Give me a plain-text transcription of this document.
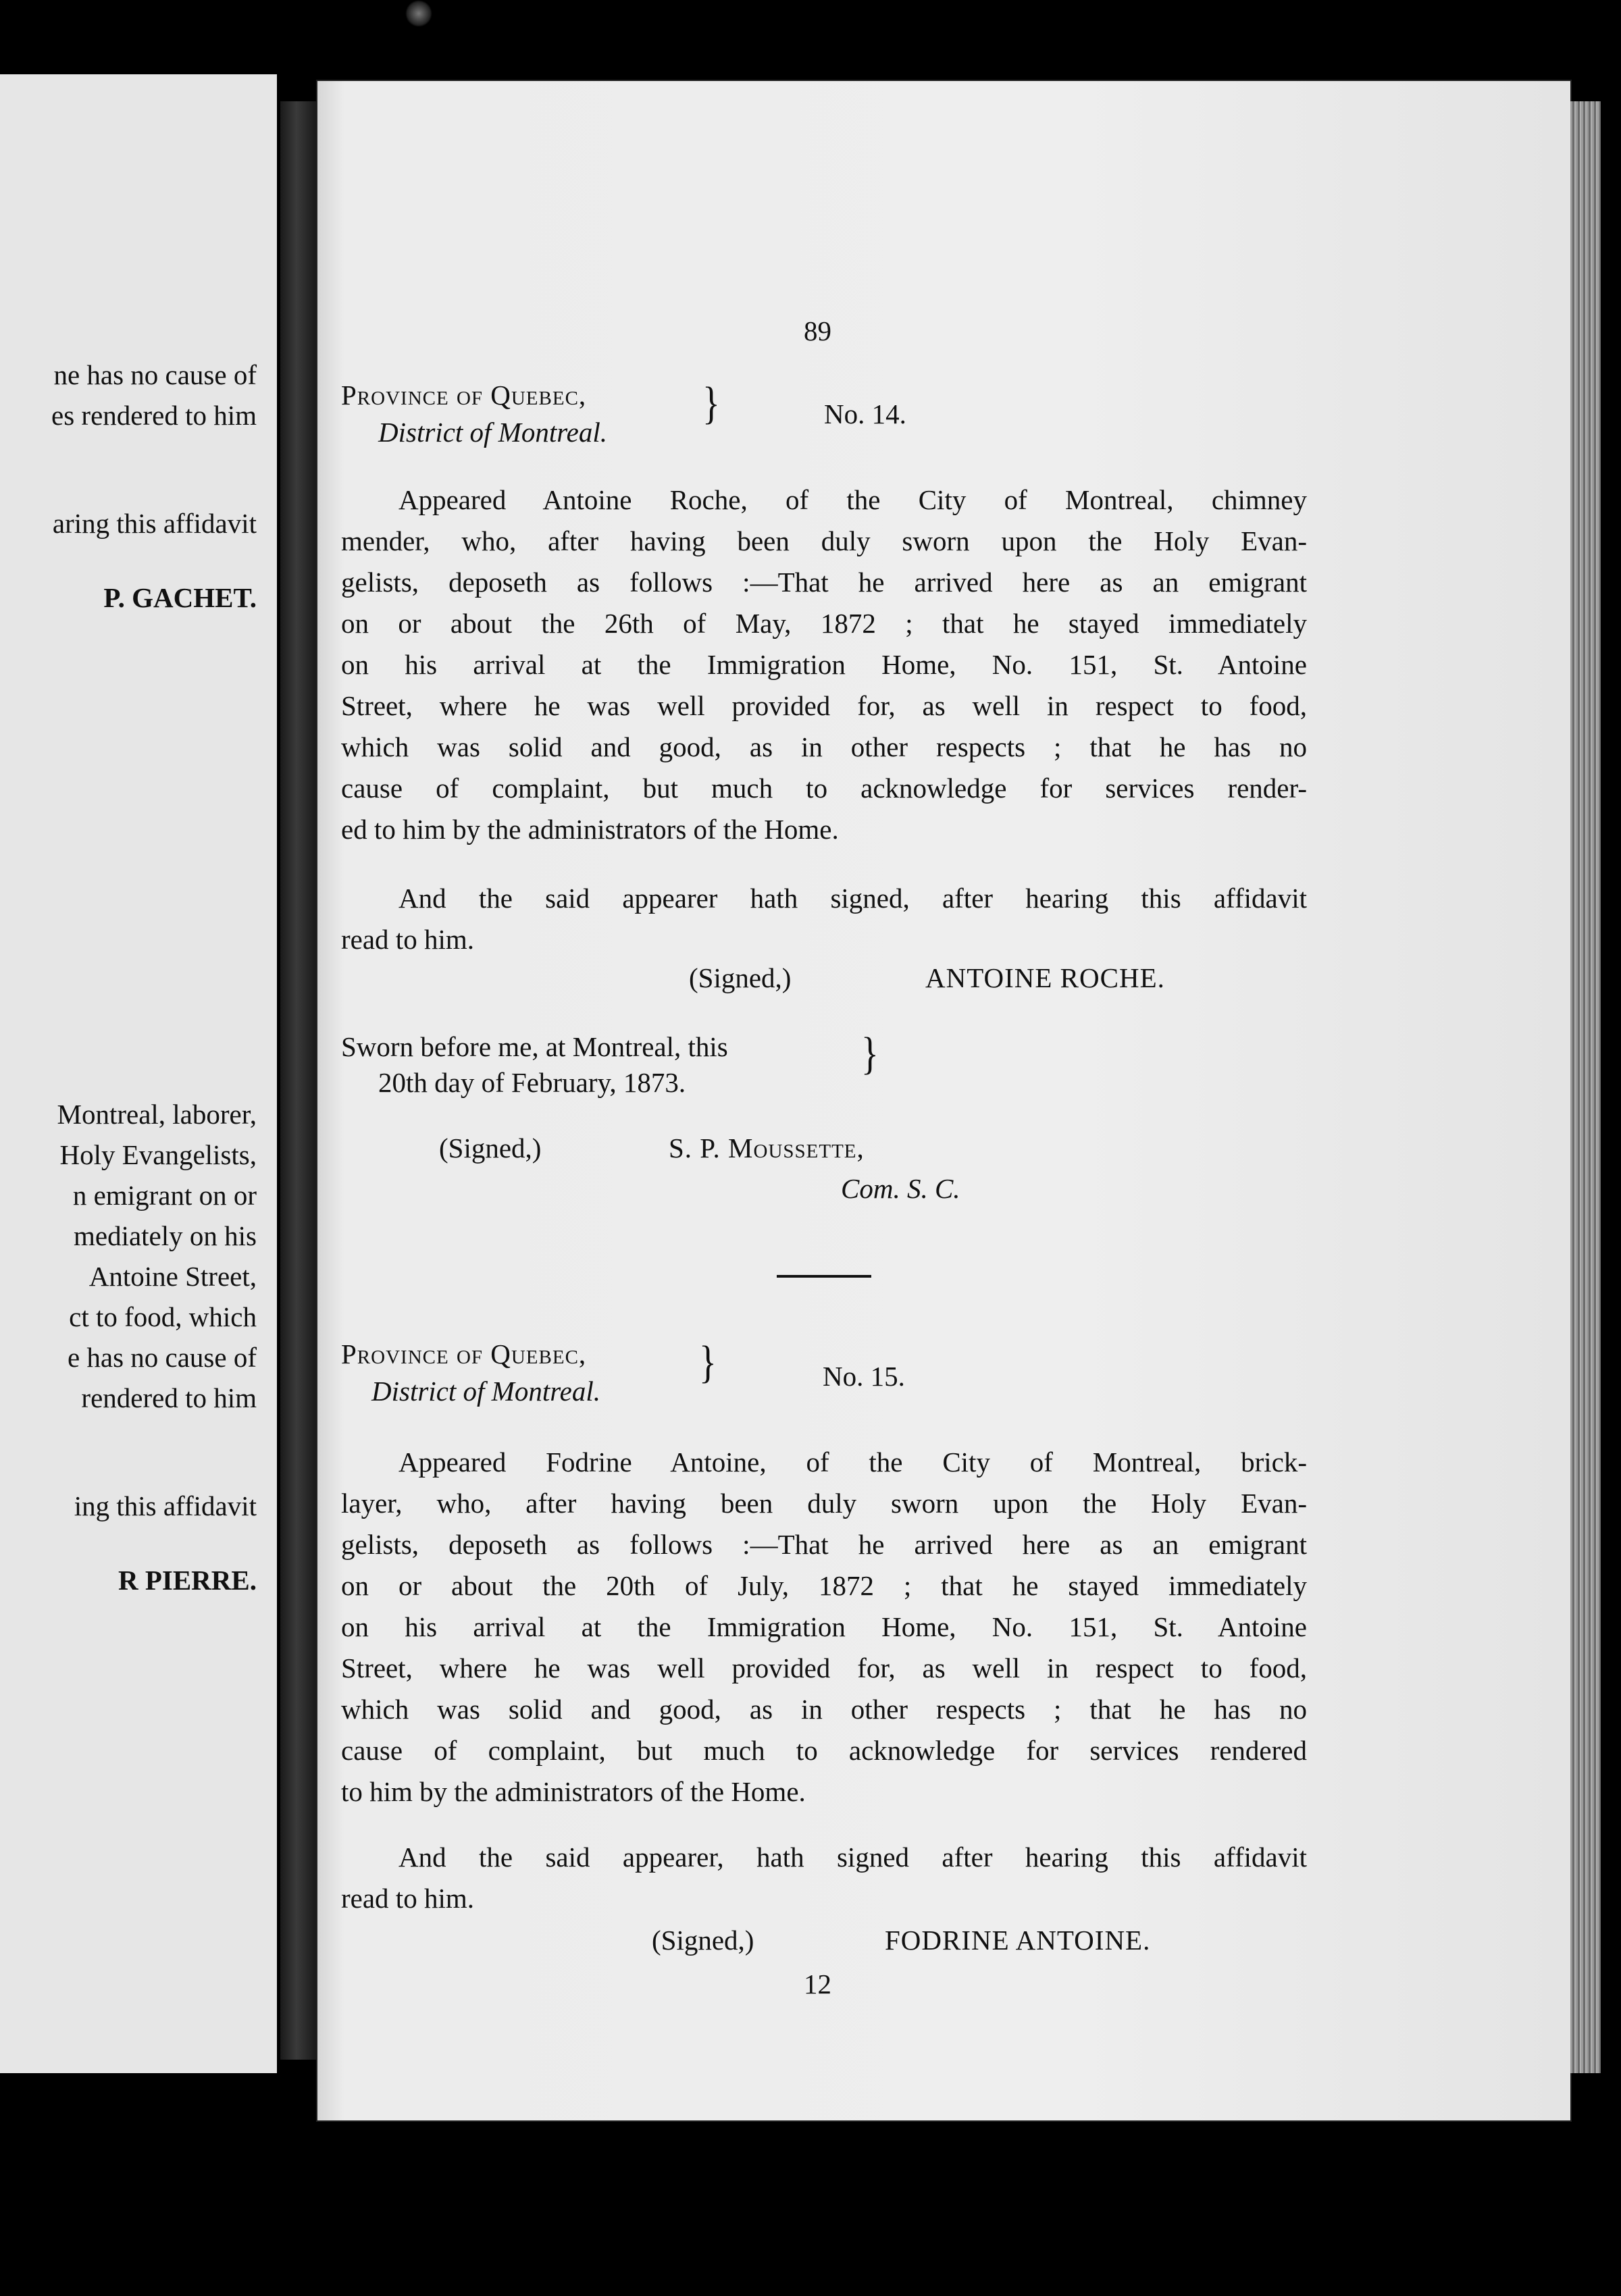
ne has no cause of
es rendered to him
aring this affidavit
P. GACHET.
Montreal, laborer,
Holy Evangelists,
n emigrant on or
mediately on his
Antoine Street,
ct to food, which
e has no cause of
rendered to him
ing this affidavit
R PIERRE.
89
Province of Quebec,
District of Montreal.
}	No. 14.
Appeared Antoine Roche, of the City of Montreal, chimney
mender, who, after having been duly sworn upon the Holy Evan-
gelists, deposeth as follows :—That he arrived here as an emigrant
on or about the 26th of May, 1872 ; that he stayed immediately
on his arrival at the Immigration Home, No. 151, St. Antoine
Street, where he was well provided for, as well in respect to food,
which was solid and good, as in other respects ; that he has no
cause of complaint, but much to acknowledge for services render-
ed to him by the administrators of the Home.
And the said appearer hath signed, after hearing this affidavit
read to him.
(Signed,)	ANTOINE ROCHE.
Sworn before me, at Montreal, this
20th day of February, 1873.
}
(Signed,)	S. P. Moussette,
Com. S. C.
Province of Quebec,
District of Montreal.
}	No. 15.
Appeared Fodrine Antoine, of the City of Montreal, brick-
layer, who, after having been duly sworn upon the Holy Evan-
gelists, deposeth as follows :—That he arrived here as an emigrant
on or about the 20th of July, 1872 ; that he stayed immediately
on his arrival at the Immigration Home, No. 151, St. Antoine
Street, where he was well provided for, as well in respect to food,
which was solid and good, as in other respects ; that he has no
cause of complaint, but much to acknowledge for services rendered
to him by the administrators of the Home.
And the said appearer, hath signed after hearing this affidavit
read to him.
(Signed,)	FODRINE ANTOINE.
12
